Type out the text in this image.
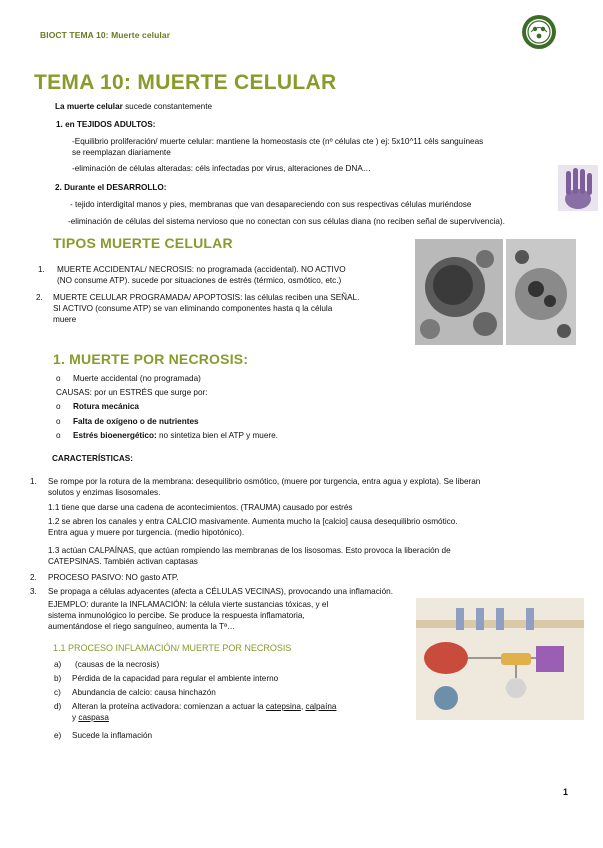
BIOCT TEMA 10: Muerte celular
TEMA 10: MUERTE CELULAR
La muerte celular sucede constantemente
1. en TEJIDOS ADULTOS:
-Equilibrio proliferación/ muerte celular: mantiene la homeostasis cte (nº células cte ) ej: 5x10^11 céls sanguíneas
se reemplazan diariamente
-eliminación de células alteradas: céls infectadas por virus, alteraciones de DNA…
2. Durante el DESARROLLO:
- tejido interdigital manos y pies, membranas que van desapareciendo con sus respectivas células muriéndose
-eliminación de células del sistema nervioso que no conectan con sus células diana (no reciben señal de supervivencia).
TIPOS MUERTE CELULAR
1. MUERTE ACCIDENTAL/ NECROSIS: no programada (accidental). NO ACTIVO
(NO consume ATP). sucede por situaciones de estrés (térmico, osmótico, etc.)
2. MUERTE CELULAR PROGRAMADA/ APOPTOSIS: las células reciben una SEÑAL.
SI ACTIVO (consume ATP) se van eliminando componentes hasta q la célula
muere
1. MUERTE POR NECROSIS:
o Muerte accidental (no programada)
CAUSAS: por un ESTRÉS que surge por:
o Rotura mecánica
o Falta de oxígeno o de nutrientes
o Estrés bioenergético: no sintetiza bien el ATP y muere.
CARACTERÍSTICAS:
1. Se rompe por la rotura de la membrana: desequilibrio osmótico, (muere por turgencia, entra agua y explota). Se liberan
solutos y enzimas lisosomales.
1.1 tiene que darse una cadena de acontecimientos. (TRAUMA) causado por estrés
1.2 se abren los canales y entra CALCIO masivamente. Aumenta mucho la [calcio] causa desequilibrio osmótico.
Entra agua y muere por turgencia. (medio hipotónico).
1.3 actúan CALPAÍNAS, que actúan rompiendo las membranas de los lisosomas. Esto provoca la liberación de
CATEPSINAS. También activan captasas
2. PROCESO PASIVO: NO gasto ATP.
3. Se propaga a células adyacentes (afecta a CÉLULAS VECINAS), provocando una inflamación.
EJEMPLO: durante la INFLAMACIÓN: la célula vierte sustancias tóxicas, y el
sistema inmunológico lo percibe. Se produce la respuesta inflamatoria,
aumentándose el riego sanguíneo, aumenta la Tª…
1.1 PROCESO INFLAMACIÓN/ MUERTE POR NECROSIS
a) (causas de la necrosis)
b) Pérdida de la capacidad para regular el ambiente interno
c) Abundancia de calcio: causa hinchazón
d) Alteran la proteína activadora: comienzan a actuar la catepsina, calpaína
y caspasa
e) Sucede la inflamación
1
